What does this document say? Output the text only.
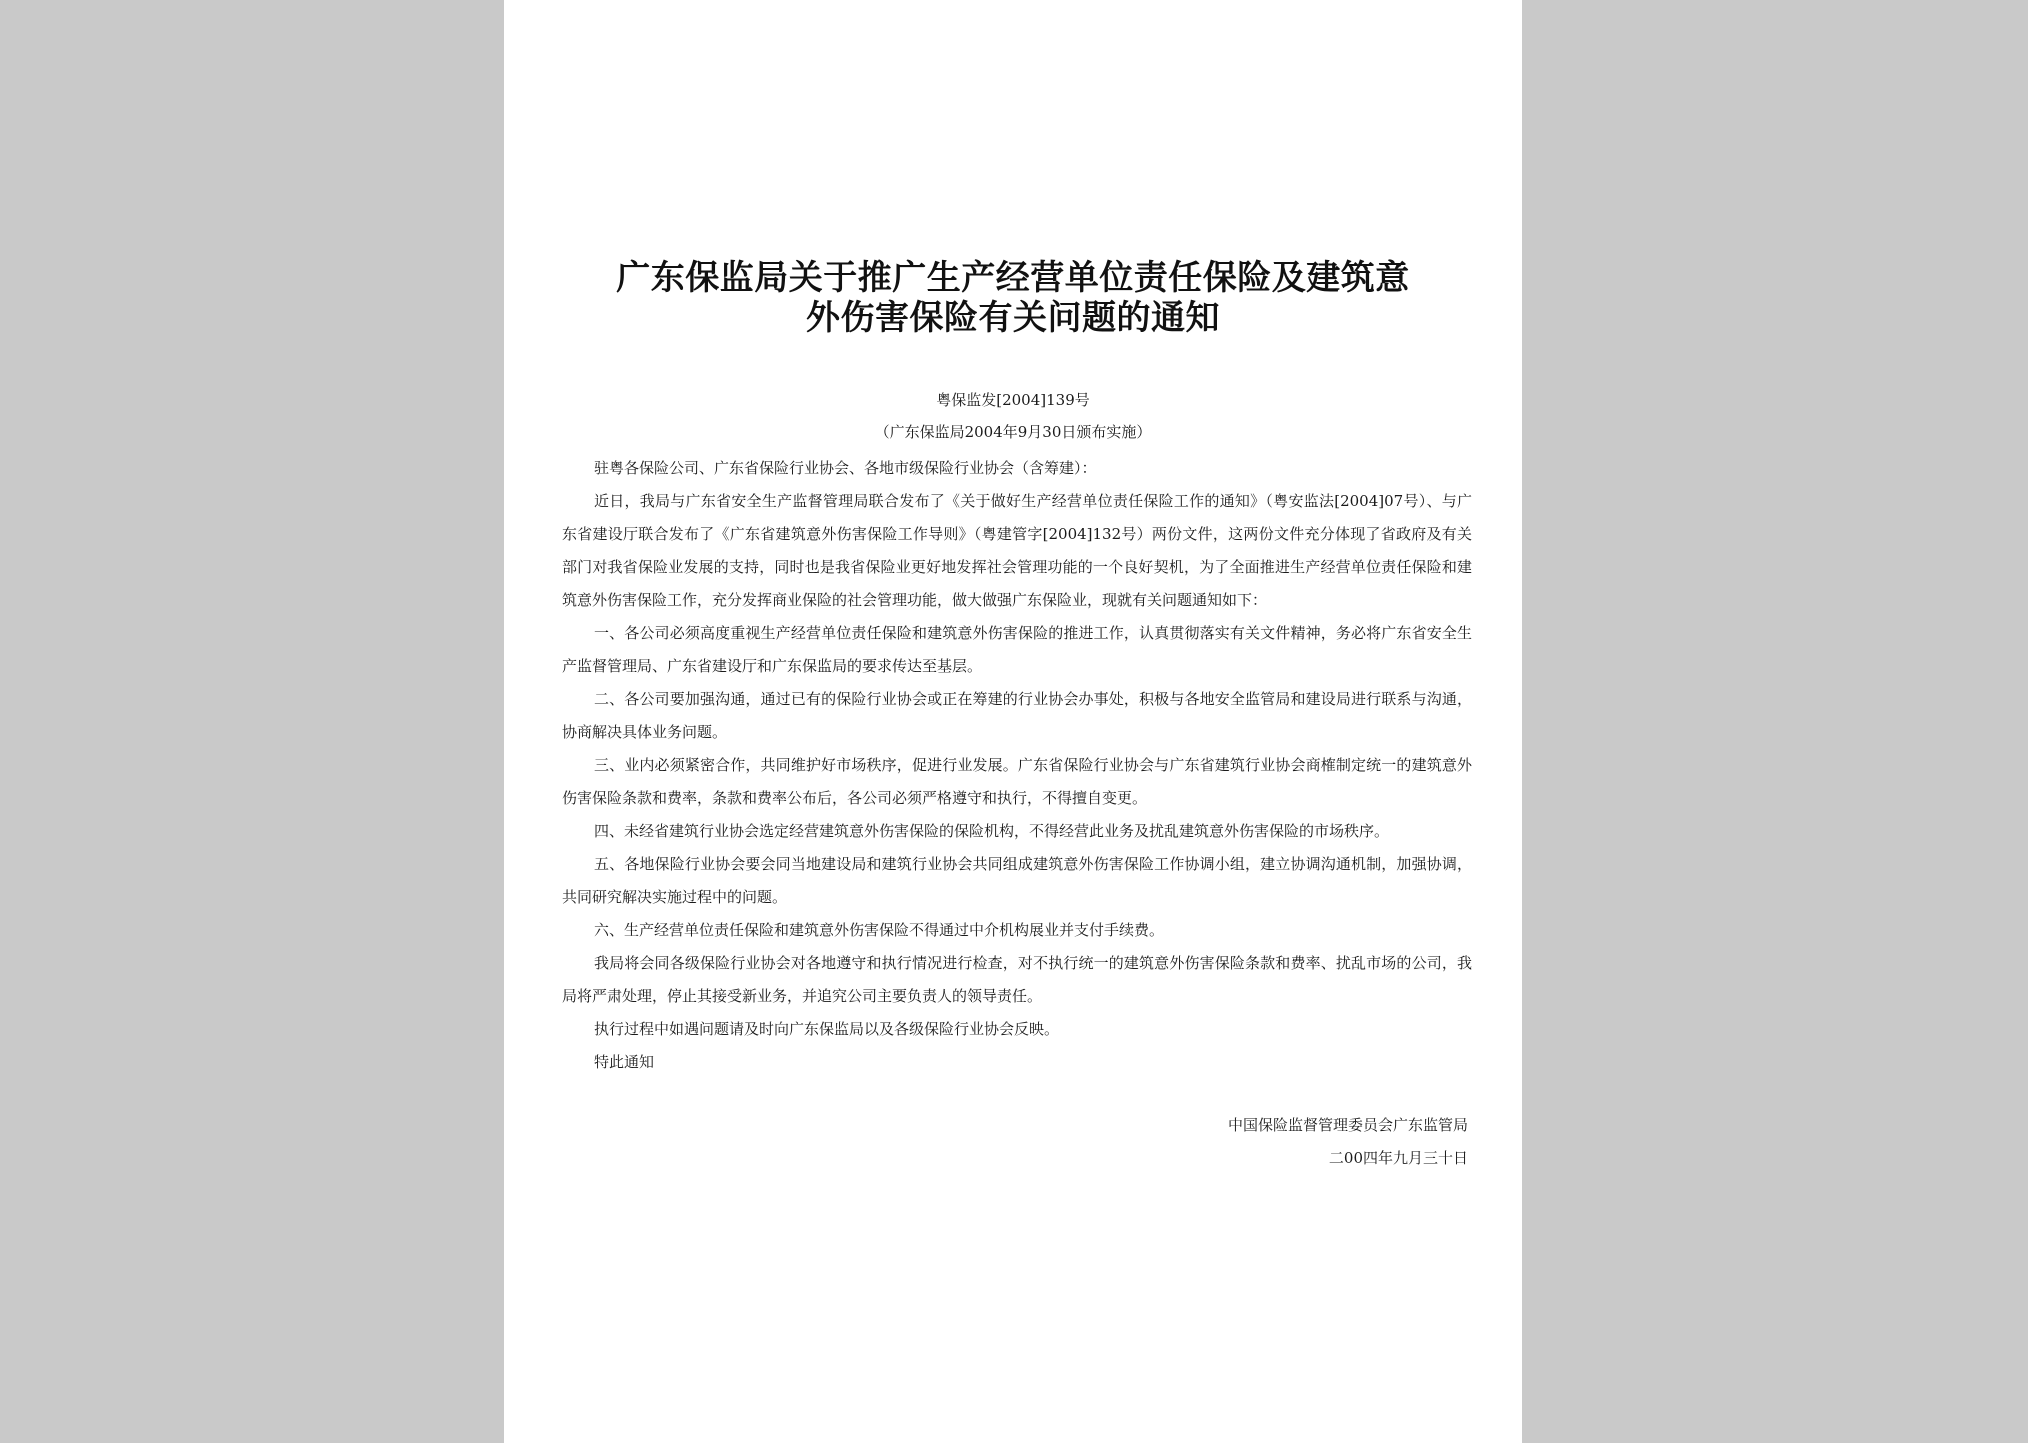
广东保监局关于推广生产经营单位责任保险及建筑意
外伤害保险有关问题的通知
粤保监发[2004]139号
（广东保监局2004年9月30日颁布实施）

驻粤各保险公司、广东省保险行业协会、各地市级保险行业协会（含筹建）：

近日，我局与广东省安全生产监督管理局联合发布了《关于做好生产经营单位责任保险工作的通知》（粤安监法[2004]07号）、与广东省建设厅联合发布了《广东省建筑意外伤害保险工作导则》（粤建管字[2004]132号）两份文件，这两份文件充分体现了省政府及有关部门对我省保险业发展的支持，同时也是我省保险业更好地发挥社会管理功能的一个良好契机，为了全面推进生产经营单位责任保险和建筑意外伤害保险工作，充分发挥商业保险的社会管理功能，做大做强广东保险业，现就有关问题通知如下：

一、各公司必须高度重视生产经营单位责任保险和建筑意外伤害保险的推进工作，认真贯彻落实有关文件精神，务必将广东省安全生产监督管理局、广东省建设厅和广东保监局的要求传达至基层。

二、各公司要加强沟通，通过已有的保险行业协会或正在筹建的行业协会办事处，积极与各地安全监管局和建设局进行联系与沟通，协商解决具体业务问题。

三、业内必须紧密合作，共同维护好市场秩序，促进行业发展。广东省保险行业协会与广东省建筑行业协会商榷制定统一的建筑意外伤害保险条款和费率，条款和费率公布后，各公司必须严格遵守和执行，不得擅自变更。

四、未经省建筑行业协会选定经营建筑意外伤害保险的保险机构，不得经营此业务及扰乱建筑意外伤害保险的市场秩序。

五、各地保险行业协会要会同当地建设局和建筑行业协会共同组成建筑意外伤害保险工作协调小组，建立协调沟通机制，加强协调，共同研究解决实施过程中的问题。

六、生产经营单位责任保险和建筑意外伤害保险不得通过中介机构展业并支付手续费。

我局将会同各级保险行业协会对各地遵守和执行情况进行检查，对不执行统一的建筑意外伤害保险条款和费率、扰乱市场的公司，我局将严肃处理，停止其接受新业务，并追究公司主要负责人的领导责任。

执行过程中如遇问题请及时向广东保监局以及各级保险行业协会反映。

特此通知

中国保险监督管理委员会广东监管局
二00四年九月三十日
